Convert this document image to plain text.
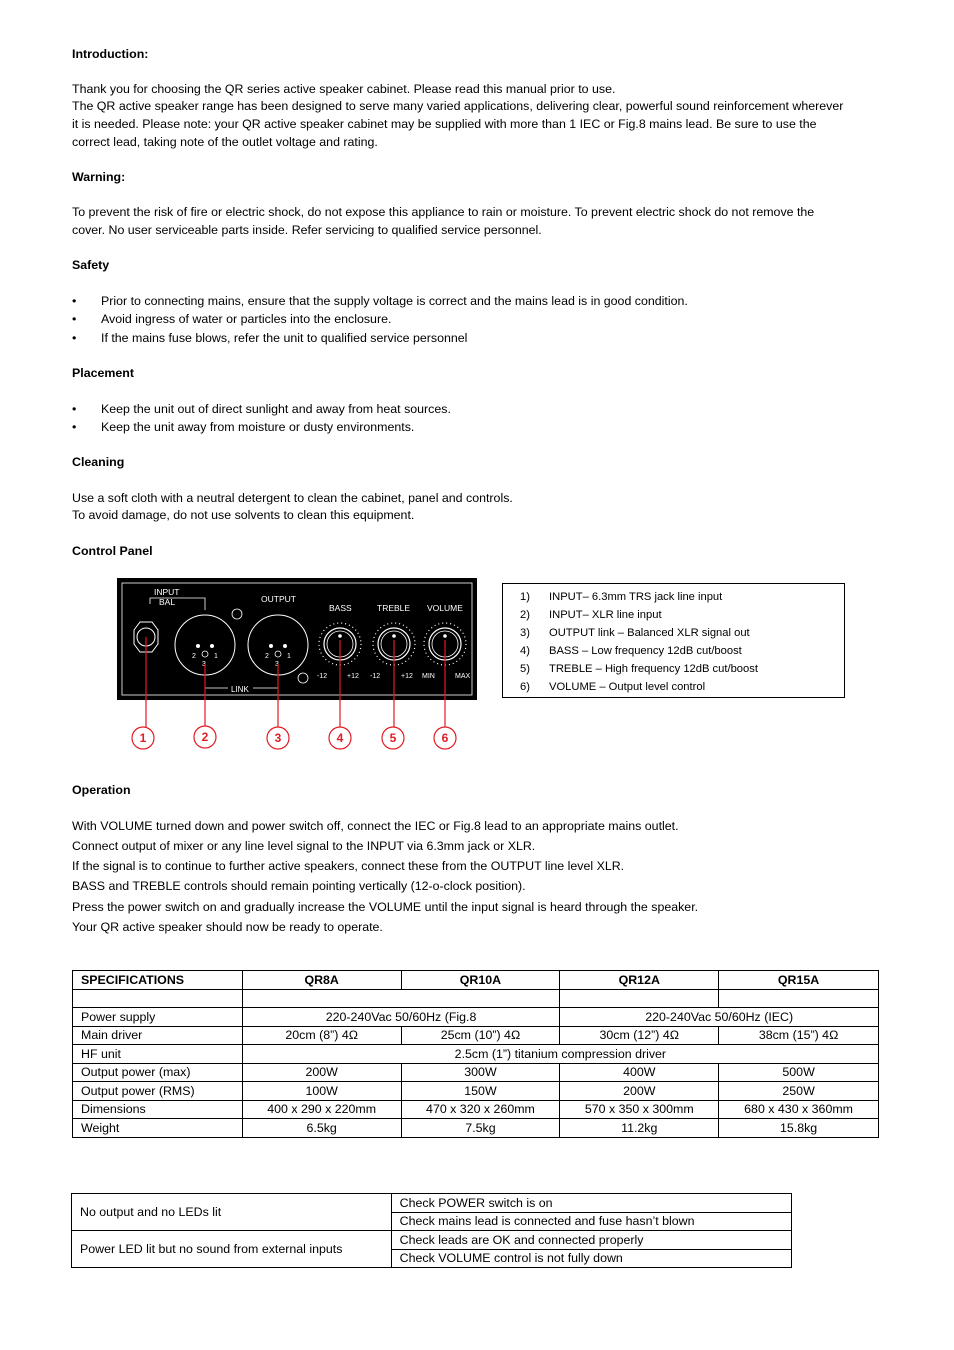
Introduction:
Thank you for choosing the QR series active speaker cabinet. Please read this manual prior to use.
The QR active speaker range has been designed to serve many varied applications, delivering clear, powerful sound reinforcement wherever
it is needed. Please note: your QR active speaker cabinet may be supplied with more than 1 IEC or Fig.8 mains lead. Be sure to use the
correct lead, taking note of the outlet voltage and rating.
Warning:
To prevent the risk of fire or electric shock, do not expose this appliance to rain or moisture. To prevent electric shock do not remove the
cover. No user serviceable parts inside. Refer servicing to qualified service personnel.
Safety
• Prior to connecting mains, ensure that the supply voltage is correct and the mains lead is in good condition.
• Avoid ingress of water or particles into the enclosure.
• If the mains fuse blows, refer the unit to qualified service personnel
Placement
• Keep the unit out of direct sunlight and away from heat sources.
• Keep the unit away from moisture or dusty environments.
Cleaning
Use a soft cloth with a neutral detergent to clean the cabinet, panel and controls.
To avoid damage, do not use solvents to clean this equipment.
Control Panel
INPUT
BAL	OUTPUT
BASS	TREBLE VOLUME
2	1
3
2	1
3
LINK
-12	+12 -12	+12 MIN	MAX
1	2	3	4	5	6
1) INPUT– 6.3mm TRS jack line input
2) INPUT– XLR line input
3) OUTPUT link – Balanced XLR signal out
4) BASS – Low frequency 12dB cut/boost
5) TREBLE – High frequency 12dB cut/boost
6) VOLUME – Output level control
Operation
With VOLUME turned down and power switch off, connect the IEC or Fig.8 lead to an appropriate mains outlet.
Connect output of mixer or any line level signal to the INPUT via 6.3mm jack or XLR.
If the signal is to continue to further active speakers, connect these from the OUTPUT line level XLR.
BASS and TREBLE controls should remain pointing vertically (12-o-clock position).
Press the power switch on and gradually increase the VOLUME until the input signal is heard through the speaker.
Your QR active speaker should now be ready to operate.
SPECIFICATIONS	QR8A	QR10A	QR12A	QR15A

Power supply	220-240Vac 50/60Hz (Fig.8		220-240Vac 50/60Hz (IEC)	
Main driver	20cm (8”) 4Ω	25cm (10”) 4Ω	30cm (12”) 4Ω	38cm (15”) 4Ω
HF unit	2.5cm (1”) titanium compression driver			
Output power (max)	200W	300W	400W	500W
Output power (RMS)	100W	150W	200W	250W
Dimensions	400 x 290 x 220mm	470 x 320 x 260mm	570 x 350 x 300mm	680 x 430 x 360mm
Weight	6.5kg	7.5kg	11.2kg	15.8kg
No output and no LEDs lit	Check POWER switch is on
	Check mains lead is connected and fuse hasn’t blown
Power LED lit but no sound from external inputs	Check leads are OK and connected properly
	Check VOLUME control is not fully down
